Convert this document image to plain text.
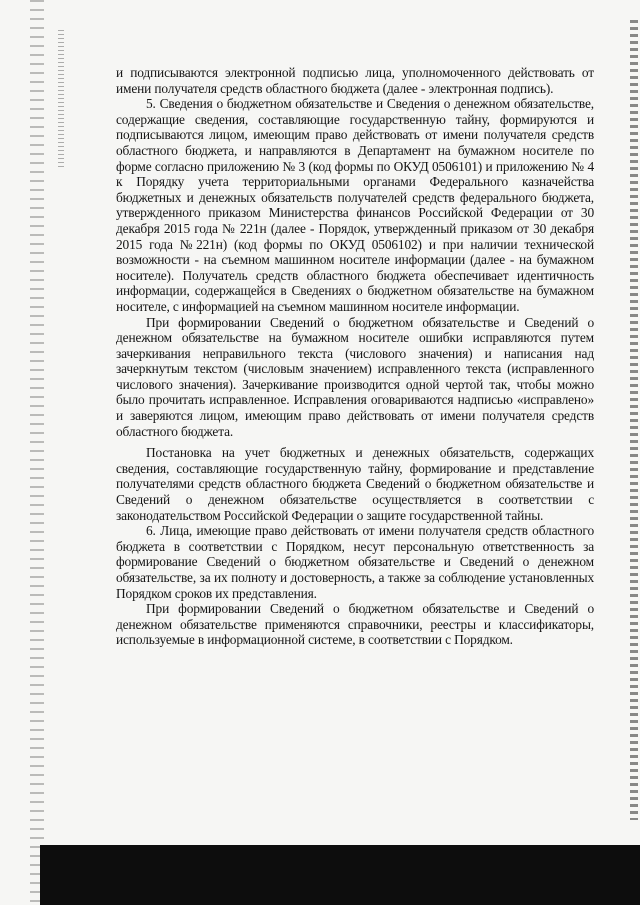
и подписываются электронной подписью лица, уполномоченного действовать от имени получателя средств областного бюджета (далее - электронная подпись).

5. Сведения о бюджетном обязательстве и Сведения о денежном обязательстве, содержащие сведения, составляющие государственную тайну, формируются и подписываются лицом, имеющим право действовать от имени получателя средств областного бюджета, и направляются в Департамент на бумажном носителе по форме согласно приложению № 3 (код формы по ОКУД 0506101) и приложению № 4 к Порядку учета территориальными органами Федерального казначейства бюджетных и денежных обязательств получателей средств федерального бюджета, утвержденного приказом Министерства финансов Российской Федерации от 30 декабря 2015 года № 221н (далее - Порядок, утвержденный приказом от 30 декабря 2015 года №221н) (код формы по ОКУД 0506102) и при наличии технической возможности - на съемном машинном носителе информации (далее - на бумажном носителе). Получатель средств областного бюджета обеспечивает идентичность информации, содержащейся в Сведениях о бюджетном обязательстве на бумажном носителе, с информацией на съемном машинном носителе информации.

При формировании Сведений о бюджетном обязательстве и Сведений о денежном обязательстве на бумажном носителе ошибки исправляются путем зачеркивания неправильного текста (числового значения) и написания над зачеркнутым текстом (числовым значением) исправленного текста (исправленного числового значения). Зачеркивание производится одной чертой так, чтобы можно было прочитать исправленное. Исправления оговариваются надписью «исправлено» и заверяются лицом, имеющим право действовать от имени получателя средств областного бюджета.

Постановка на учет бюджетных и денежных обязательств, содержащих сведения, составляющие государственную тайну, формирование и представление получателями средств областного бюджета Сведений о бюджетном обязательстве и Сведений о денежном обязательстве осуществляется в соответствии с законодательством Российской Федерации о защите государственной тайны.

6. Лица, имеющие право действовать от имени получателя средств областного бюджета в соответствии с Порядком, несут персональную ответственность за формирование Сведений о бюджетном обязательстве и Сведений о денежном обязательстве, за их полноту и достоверность, а также за соблюдение установленных Порядком сроков их представления.

При формировании Сведений о бюджетном обязательстве и Сведений о денежном обязательстве применяются справочники, реестры и классификаторы, используемые в информационной системе, в соответствии с Порядком.
